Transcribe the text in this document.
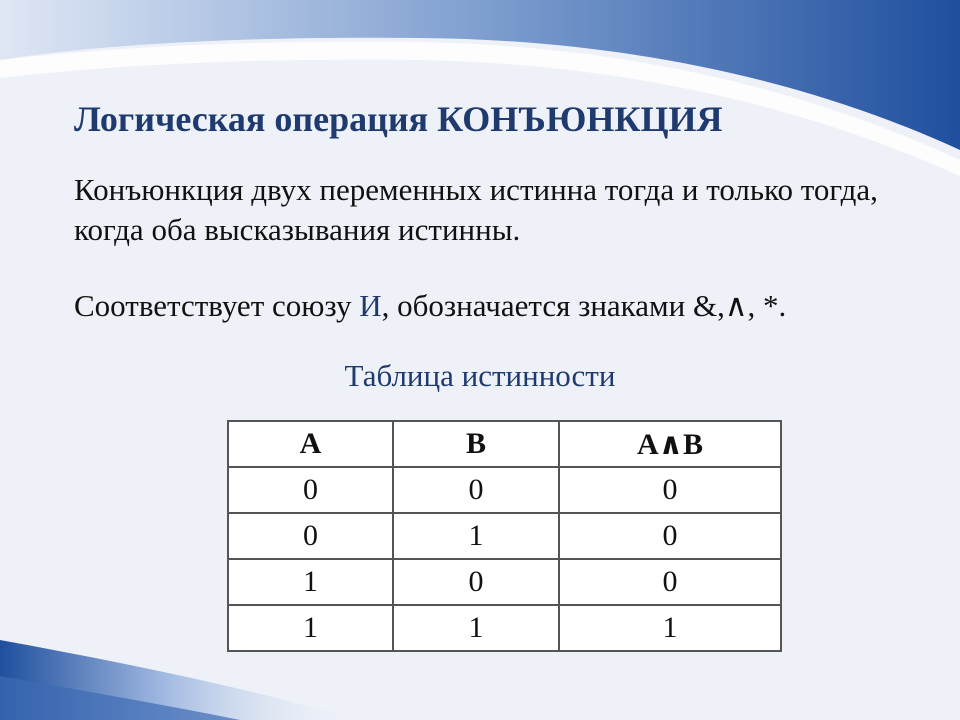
Логическая операция КОНЪЮНКЦИЯ
Конъюнкция двух переменных истинна тогда и только тогда, когда оба высказывания истинны.
Соответствует союзу И, обозначается знаками &,∧, *.
Таблица истинности
A	B	A∧B
0	0	0
0	1	0
1	0	0
1	1	1
